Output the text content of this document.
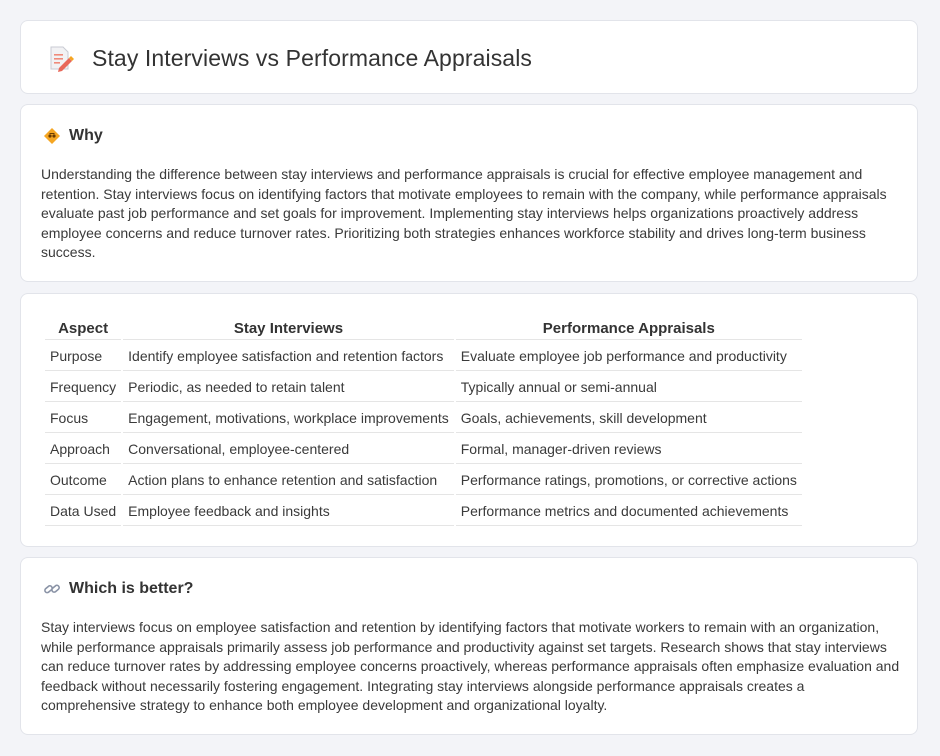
Stay Interviews vs Performance Appraisals
Why
Understanding the difference between stay interviews and performance appraisals is crucial for effective employee management and retention. Stay interviews focus on identifying factors that motivate employees to remain with the company, while performance appraisals evaluate past job performance and set goals for improvement. Implementing stay interviews helps organizations proactively address employee concerns and reduce turnover rates. Prioritizing both strategies enhances workforce stability and drives long-term business success.
Aspect	Stay Interviews	Performance Appraisals
Purpose	Identify employee satisfaction and retention factors	Evaluate employee job performance and productivity
Frequency	Periodic, as needed to retain talent	Typically annual or semi-annual
Focus	Engagement, motivations, workplace improvements	Goals, achievements, skill development
Approach	Conversational, employee-centered	Formal, manager-driven reviews
Outcome	Action plans to enhance retention and satisfaction	Performance ratings, promotions, or corrective actions
Data Used	Employee feedback and insights	Performance metrics and documented achievements
Which is better?
Stay interviews focus on employee satisfaction and retention by identifying factors that motivate workers to remain with an organization, while performance appraisals primarily assess job performance and productivity against set targets. Research shows that stay interviews can reduce turnover rates by addressing employee concerns proactively, whereas performance appraisals often emphasize evaluation and feedback without necessarily fostering engagement. Integrating stay interviews alongside performance appraisals creates a comprehensive strategy to enhance both employee development and organizational loyalty.
